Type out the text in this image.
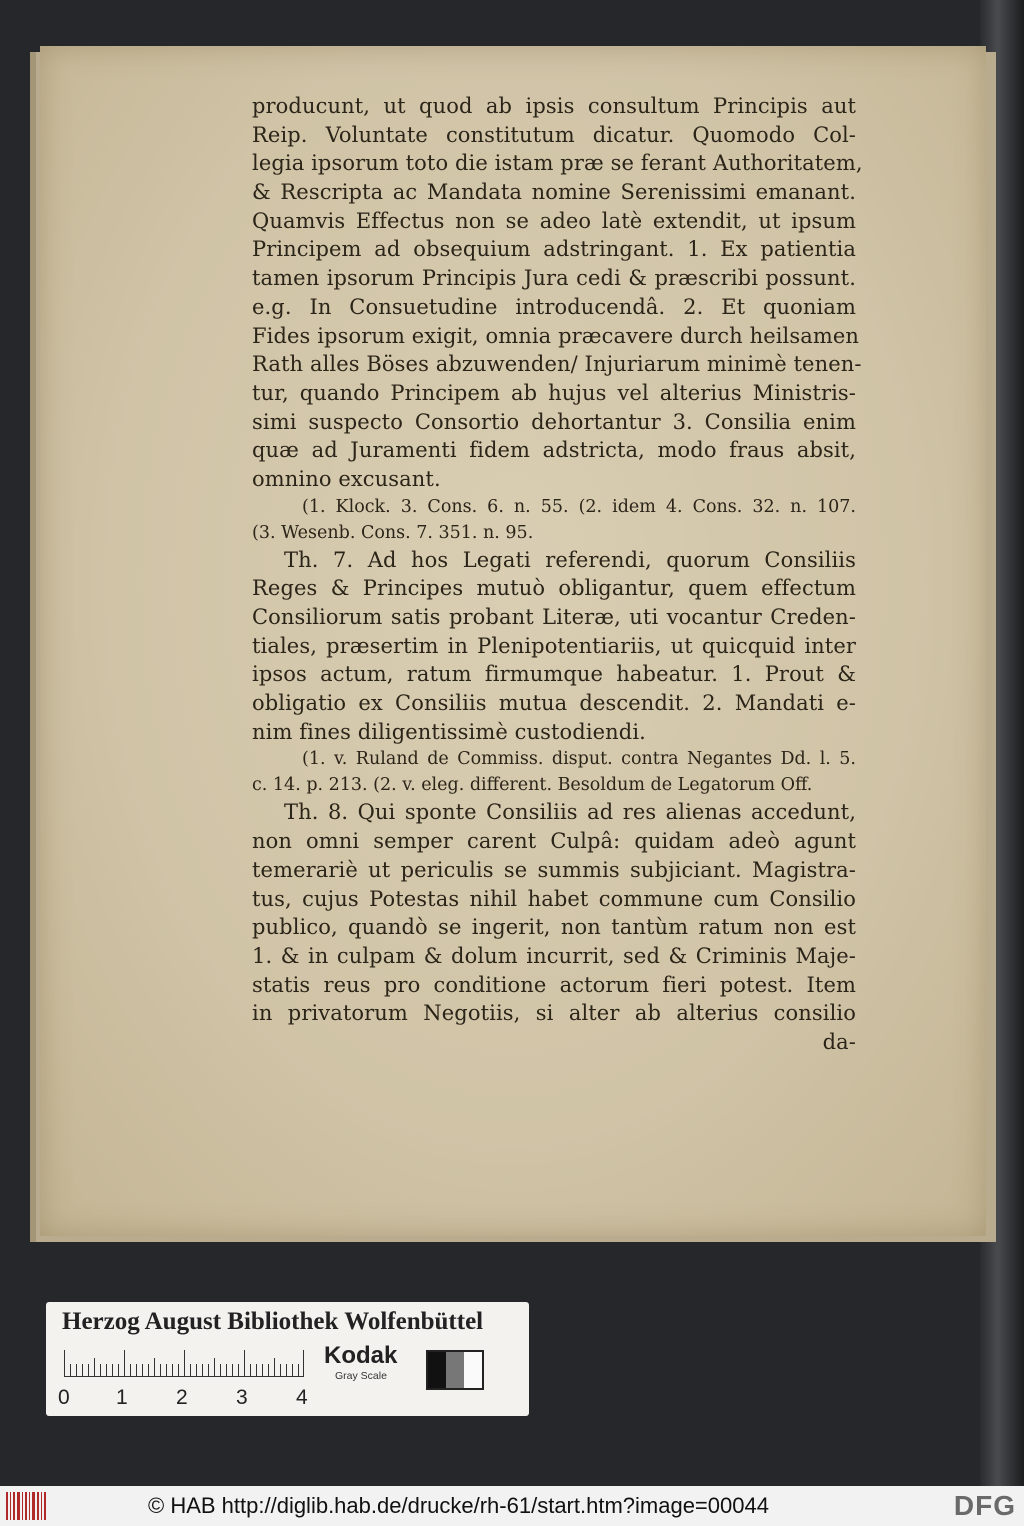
producunt, ut quod ab ipsis consultum Principis aut
Reip. Voluntate constitutum dicatur. Quomodo Col-
legia ipsorum toto die istam præ se ferant Authoritatem,
& Rescripta ac Mandata nomine Serenissimi emanant.
Quamvis Effectus non se adeo latè extendit, ut ipsum
Principem ad obsequium adstringant. 1. Ex patientia
tamen ipsorum Principis Jura cedi & præscribi possunt.
e.g. In Consuetudine introducendâ. 2. Et quoniam
Fides ipsorum exigit, omnia præcavere durch heilsamen
Rath alles Böses abzuwenden/ Injuriarum minimè tenen-
tur, quando Principem ab hujus vel alterius Ministris-
simi suspecto Consortio dehortantur 3. Consilia enim
quæ ad Juramenti fidem adstricta, modo fraus absit,
omnino excusant.
(1. Klock. 3. Cons. 6. n. 55. (2. idem 4. Cons. 32. n. 107.
(3. Wesenb. Cons. 7. 351. n. 95.
Th. 7. Ad hos Legati referendi, quorum Consiliis
Reges & Principes mutuò obligantur, quem effectum
Consiliorum satis probant Literæ, uti vocantur Creden-
tiales, præsertim in Plenipotentiariis, ut quicquid inter
ipsos actum, ratum firmumque habeatur. 1. Prout &
obligatio ex Consiliis mutua descendit. 2. Mandati e-
nim fines diligentissimè custodiendi.
(1. v. Ruland de Commiss. disput. contra Negantes Dd. l. 5.
c. 14. p. 213. (2. v. eleg. different. Besoldum de Legatorum Off.
Th. 8. Qui sponte Consiliis ad res alienas accedunt,
non omni semper carent Culpâ: quidam adeò agunt
temerariè ut periculis se summis subjiciant. Magistra-
tus, cujus Potestas nihil habet commune cum Consilio
publico, quandò se ingerit, non tantùm ratum non est
1. & in culpam & dolum incurrit, sed & Criminis Maje-
statis reus pro conditione actorum fieri potest. Item
in privatorum Negotiis, si alter ab alterius consilio
da-
Herzog August Bibliothek Wolfenbüttel
0 1 2 3 4
Kodak
Gray Scale
© HAB http://diglib.hab.de/drucke/rh-61/start.htm?image=00044	DFG
